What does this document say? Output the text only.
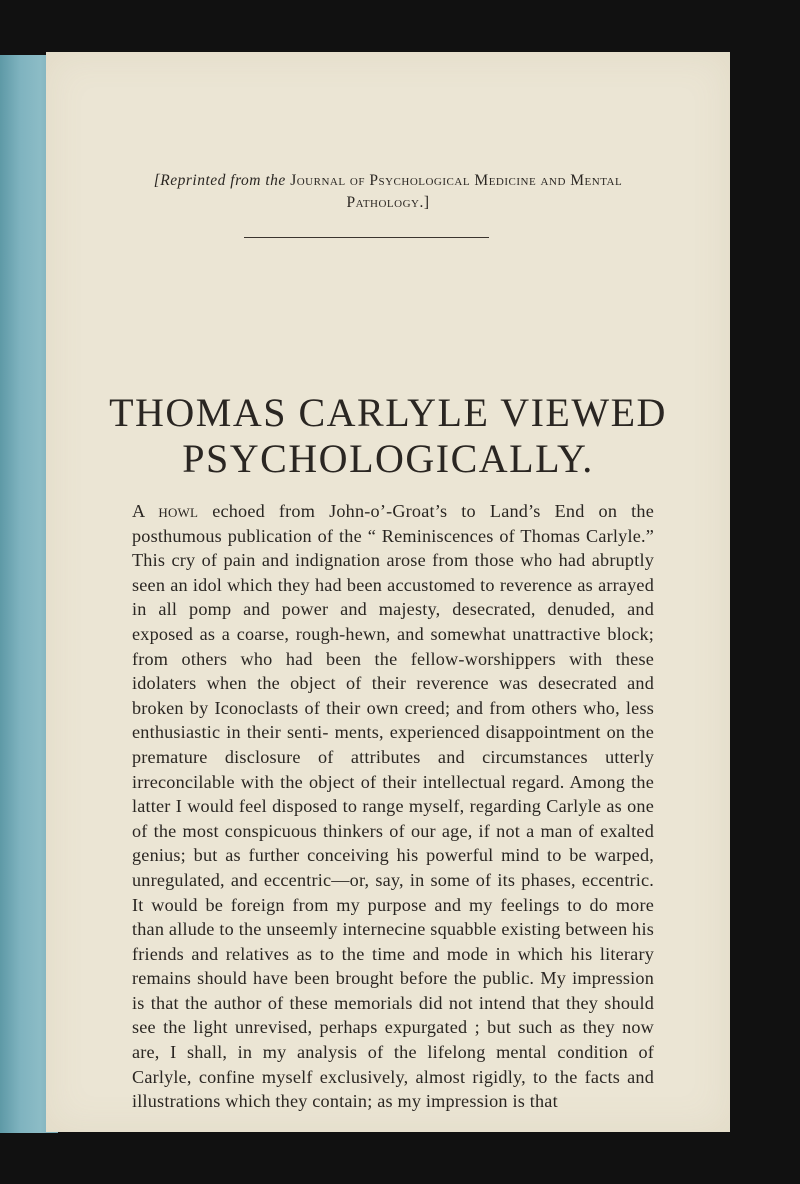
[Reprinted from the Journal of Psychological Medicine and Mental
Pathology.]
THOMAS CARLYLE VIEWED
PSYCHOLOGICALLY.
A howl echoed from John-o’-Groat’s to Land’s End on the posthumous publication of the “ Reminiscences of Thomas Carlyle.” This cry of pain and indignation arose from those who had abruptly seen an idol which they had been accustomed to reverence as arrayed in all pomp and power and majesty, desecrated, denuded, and exposed as a coarse, rough-hewn, and somewhat unattractive block; from others who had been the fellow-worshippers with these idolaters when the object of their reverence was desecrated and broken by Iconoclasts of their own creed; and from others who, less enthusiastic in their senti- ments, experienced disappointment on the premature disclosure of attributes and circumstances utterly irreconcilable with the object of their intellectual regard. Among the latter I would feel disposed to range myself, regarding Carlyle as one of the most conspicuous thinkers of our age, if not a man of exalted genius; but as further conceiving his powerful mind to be warped, unregulated, and eccentric—or, say, in some of its phases, eccentric. It would be foreign from my purpose and my feelings to do more than allude to the unseemly internecine squabble existing between his friends and relatives as to the time and mode in which his literary remains should have been brought before the public. My impression is that the author of these memorials did not intend that they should see the light unrevised, perhaps expurgated ; but such as they now are, I shall, in my analysis of the lifelong mental condition of Carlyle, confine myself exclusively, almost rigidly, to the facts and illustrations which they contain; as my impression is that
